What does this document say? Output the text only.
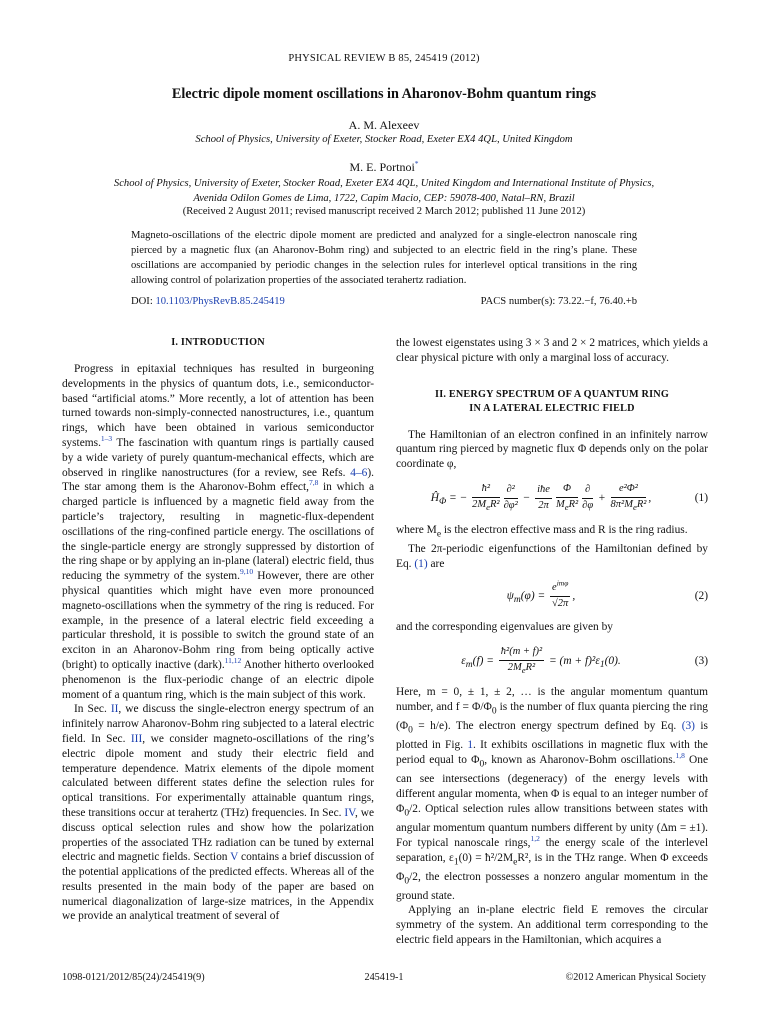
PHYSICAL REVIEW B 85, 245419 (2012)
Electric dipole moment oscillations in Aharonov-Bohm quantum rings
A. M. Alexeev
School of Physics, University of Exeter, Stocker Road, Exeter EX4 4QL, United Kingdom
M. E. Portnoi*
School of Physics, University of Exeter, Stocker Road, Exeter EX4 4QL, United Kingdom and International Institute of Physics,
Avenida Odilon Gomes de Lima, 1722, Capim Macio, CEP: 59078-400, Natal–RN, Brazil
(Received 2 August 2011; revised manuscript received 2 March 2012; published 11 June 2012)
Magneto-oscillations of the electric dipole moment are predicted and analyzed for a single-electron nanoscale ring pierced by a magnetic flux (an Aharonov-Bohm ring) and subjected to an electric field in the ring’s plane. These oscillations are accompanied by periodic changes in the selection rules for interlevel optical transitions in the ring allowing control of polarization properties of the associated terahertz radiation.
DOI: 10.1103/PhysRevB.85.245419	PACS number(s): 73.22.−f, 76.40.+b
I. INTRODUCTION

Progress in epitaxial techniques has resulted in burgeoning developments in the physics of quantum dots, i.e., semiconductor-based “artificial atoms.” More recently, a lot of attention has been turned towards non-simply-connected nanostructures, i.e., quantum rings, which have been obtained in various semiconductor systems.$^{1-3}$ The fascination with quantum rings is partially caused by a wide variety of purely quantum-mechanical effects, which are observed in ringlike nanostructures (for a review, see Refs. 4–6). The star among them is the Aharonov-Bohm effect,$^{7,8}$ in which a charged particle is influenced by a magnetic field away from the particle’s trajectory, resulting in magnetic-flux-dependent oscillations of the ring-confined particle energy. The oscillations of the single-particle energy are strongly suppressed by distortion of the ring shape or by applying an in-plane (lateral) electric field, thus reducing the symmetry of the system.$^{9,10}$ However, there are other physical quantities which might have even more pronounced magneto-oscillations when the symmetry of the ring is reduced. For example, in the presence of a lateral electric field exceeding a particular threshold, it is possible to switch the ground state of an exciton in an Aharonov-Bohm ring from being optically active (bright) to optically inactive (dark).$^{11,12}$ Another hitherto overlooked phenomenon is the flux-periodic change of an electric dipole moment of a quantum ring, which is the main subject of this work.

In Sec. II, we discuss the single-electron energy spectrum of an infinitely narrow Aharonov-Bohm ring subjected to a lateral electric field. In Sec. III, we consider magneto-oscillations of the ring’s electric dipole moment and study their electric field and temperature dependence. Matrix elements of the dipole moment calculated between different states define the selection rules for optical transitions. For experimentally attainable quantum rings, these transitions occur at terahertz (THz) frequencies. In Sec. IV, we discuss optical selection rules and show how the polarization properties of the associated THz radiation can be tuned by external electric and magnetic fields. Section V contains a brief discussion of the potential applications of the predicted effects. Whereas all of the results presented in the main body of the paper are based on numerical diagonalization of large-size matrices, in the Appendix we provide an analytical treatment of several of

the lowest eigenstates using 3 × 3 and 2 × 2 matrices, which yields a clear physical picture with only a marginal loss of accuracy.

II. ENERGY SPECTRUM OF A QUANTUM RING
IN A LATERAL ELECTRIC FIELD

The Hamiltonian of an electron confined in an infinitely narrow quantum ring pierced by magnetic flux Φ depends only on the polar coordinate φ,

$Ĥ_\Phi$ = − $\frac{\text{ħ²}}{2M_eR^2} \frac{\text{∂²}}{\text{∂φ²}} - \frac{\text{iħe}}{2\pi} \frac{\Phi}{M_eR^2} \frac{\partial}{\partial\varphi} + \frac{\text{e²Φ²}}{8\pi^2M_eR^2}$ ,	(1)

where $M_e$ is the electron effective mass and R is the ring radius.

The 2π-periodic eigenfunctions of the Hamiltonian defined by Eq. (1) are

$\psi_m(\varphi) = \frac{e^{im\varphi}}{√2\pi}$ ,	(2)

and the corresponding eigenvalues are given by

$\varepsilon_m(f) = \frac{\text{ħ²(m + f)²}}{2M_eR^2} = (m + f)^2\varepsilon_1(0)$.	(3)

Here, m = 0, ± 1, ± 2, … is the angular momentum quantum number, and $f = \Phi/\Phi_0$ is the number of flux quanta piercing the ring $(\Phi_0 = h/e)$. The electron energy spectrum defined by Eq. (3) is plotted in Fig. 1. It exhibits oscillations in magnetic flux with the period equal to $\Phi_0$, known as Aharonov-Bohm oscillations.$^{1,8}$ One can see intersections (degeneracy) of the energy levels with different angular momenta, when Φ is equal to an integer number of $\Phi_0/2$. Optical selection rules allow transitions between states with angular momentum quantum numbers different by unity (Δm = ±1). For typical nanoscale rings,$^{1,2}$ the energy scale of the interlevel separation, $\varepsilon_1(0)$ = $ħ^2/2M_eR^2$, is in the THz range. When Φ exceeds $\Phi_0/2$, the electron possesses a nonzero angular momentum in the ground state.

Applying an in-plane electric field E removes the circular symmetry of the system. An additional term corresponding to the electric field appears in the Hamiltonian, which acquires a

1098-0121/2012/85(24)/245419(9)	245419-1	©2012 American Physical Society
